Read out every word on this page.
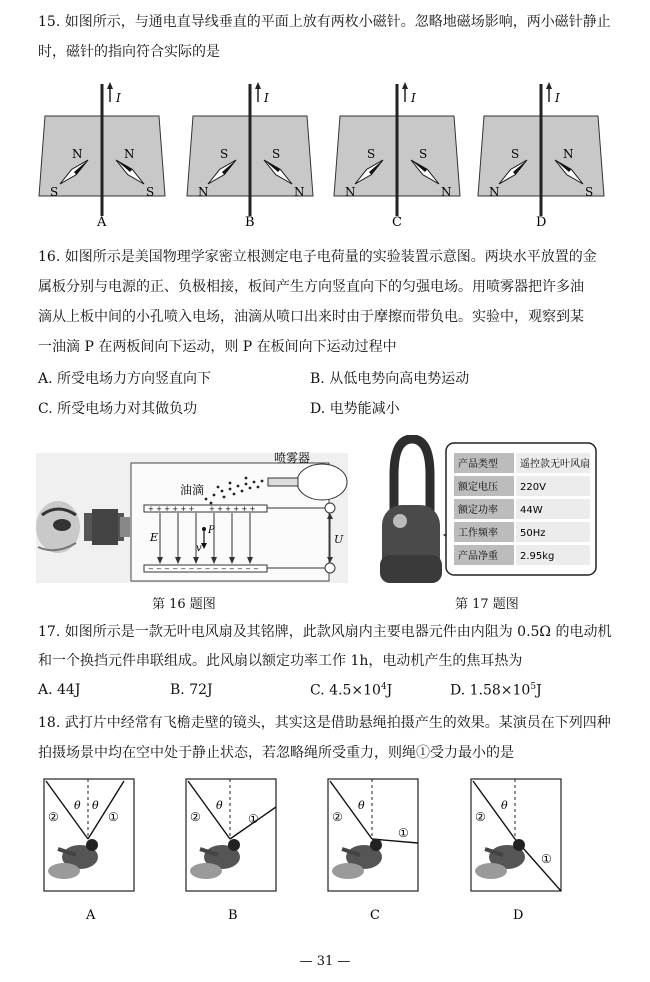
15. 如图所示，与通电直导线垂直的平面上放有两枚小磁针。忽略地磁场影响，两小磁针静止
时，磁针的指向符合实际的是
I
N
S
N
S
A
I
S
N
S
N
B
I
S
N
S
N
C
I
S
N
N
S
D
16. 如图所示是美国物理学家密立根测定电子电荷量的实验装置示意图。两块水平放置的金
属板分别与电源的正、负极相接，板间产生方向竖直向下的匀强电场。用喷雾器把许多油
滴从上板中间的小孔喷入电场，油滴从喷口出来时由于摩擦而带负电。实验中，观察到某
一油滴 P 在两板间向下运动，则 P 在板间向下运动过程中
A. 所受电场力方向竖直向下	B. 从低电势向高电势运动
C. 所受电场力对其做负功	D. 电势能减小
喷雾器
油滴
+ + + + + + + + + + + +
− − − − − − − − − − − − − −
E
P
v
U
第 16 题图
产品类型 遥控款无叶风扇
额定电压 220V
额定功率 44W
工作频率 50Hz
产品净重 2.95kg
第 17 题图
17. 如图所示是一款无叶电风扇及其铭牌，此款风扇内主要电器元件由内阻为 0.5Ω 的电动机
和一个换挡元件串联组成。此风扇以额定功率工作 1h，电动机产生的焦耳热为
A. 44J	B. 72J	C. $4.5\times 10^4J$	D. $1.58\times 10^5J$
18. 武打片中经常有飞檐走壁的镜头，其实这是借助悬绳拍摄产生的效果。某演员在下列四种
拍摄场景中均在空中处于静止状态，若忽略绳所受重力，则绳①受力最小的是
②	①
θ θ
A
②	①
θ
B
②
①
θ
C
②
①
θ
D
— 31 —
